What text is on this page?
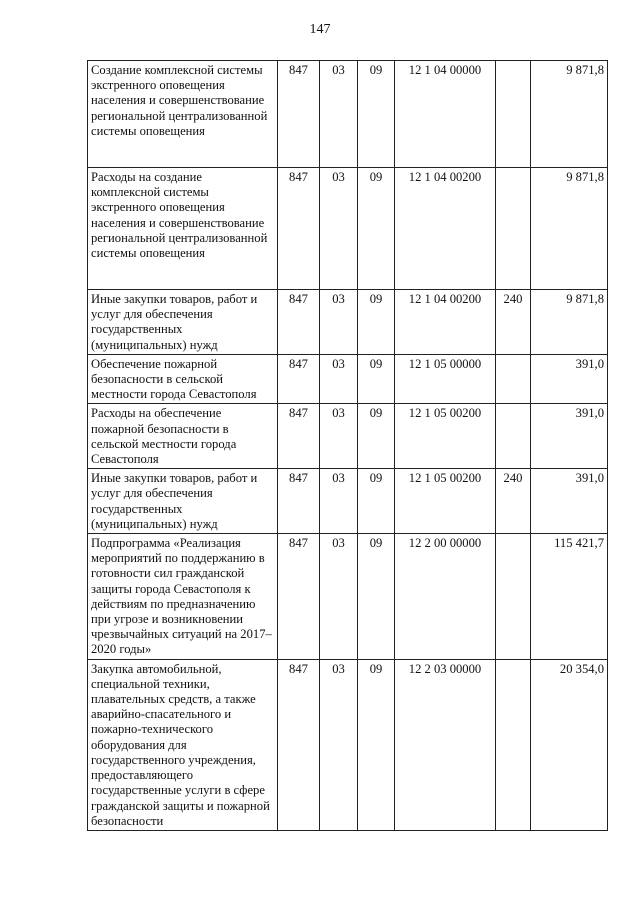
147
Создание комплексной системы экстренного оповещения населения и совершенствование региональной централизованной системы оповещения	847	03	09	12 1 04 00000		9 871,8
Расходы на создание комплексной системы экстренного оповещения населения и совершенствование региональной централизованной системы оповещения	847	03	09	12 1 04 00200		9 871,8
Иные закупки товаров, работ и услуг для обеспечения государственных (муниципальных) нужд	847	03	09	12 1 04 00200	240	9 871,8
Обеспечение пожарной безопасности в сельской местности города Севастополя	847	03	09	12 1 05 00000		391,0
Расходы на обеспечение пожарной безопасности в сельской местности города Севастополя	847	03	09	12 1 05 00200		391,0
Иные закупки товаров, работ и услуг для обеспечения государственных (муниципальных) нужд	847	03	09	12 1 05 00200	240	391,0
Подпрограмма «Реализация мероприятий по поддержанию в готовности сил гражданской защиты города Севастополя к действиям по предназначению при угрозе и возникновении чрезвычайных ситуаций на 2017–2020 годы»	847	03	09	12 2 00 00000		115 421,7
Закупка автомобильной, специальной техники, плавательных средств, а также аварийно-спасательного и пожарно-технического оборудования для государственного учреждения, предоставляющего государственные услуги в сфере гражданской защиты и пожарной безопасности	847	03	09	12 2 03 00000		20 354,0
